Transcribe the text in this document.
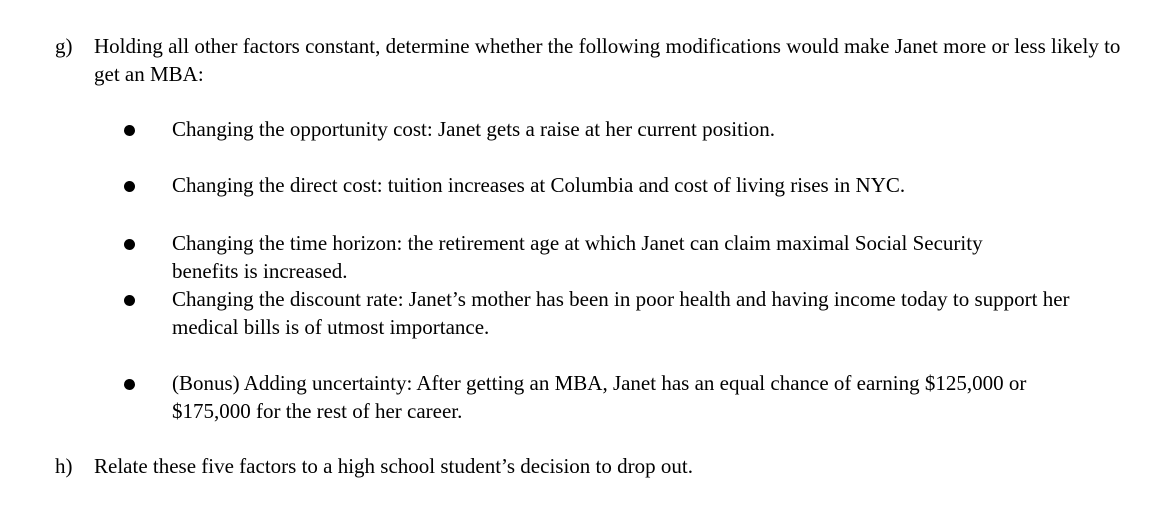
g) Holding all other factors constant, determine whether the following modifications would make Janet more or less likely to get an MBA:
Changing the opportunity cost: Janet gets a raise at her current position.
Changing the direct cost: tuition increases at Columbia and cost of living rises in NYC.
Changing the time horizon: the retirement age at which Janet can claim maximal Social Security benefits is increased.
Changing the discount rate: Janet’s mother has been in poor health and having income today to support her medical bills is of utmost importance.
(Bonus) Adding uncertainty: After getting an MBA, Janet has an equal chance of earning $125,000 or $175,000 for the rest of her career.
h) Relate these five factors to a high school student’s decision to drop out.
